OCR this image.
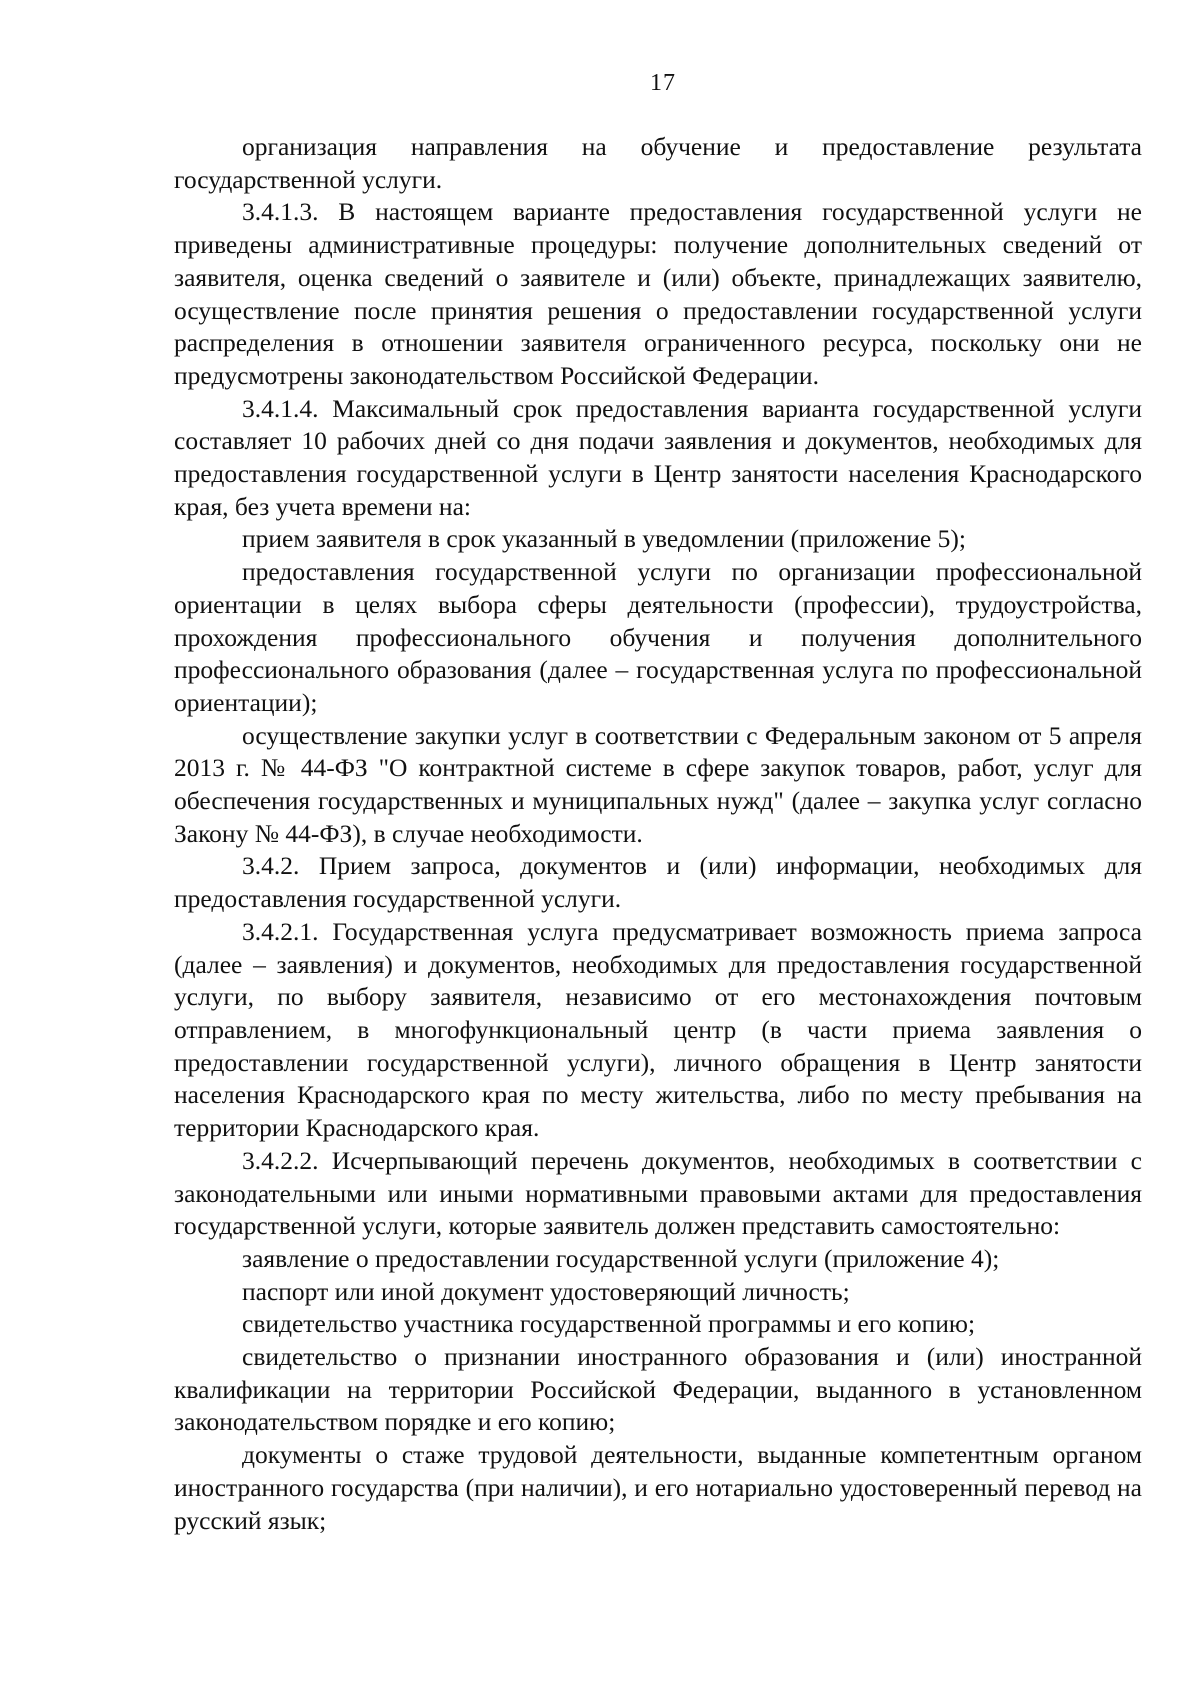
17

организация направления на обучение и предоставление результата государственной услуги.

3.4.1.3. В настоящем варианте предоставления государственной услуги не приведены административные процедуры: получение дополнительных сведений от заявителя, оценка сведений о заявителе и (или) объекте, принадлежащих заявителю, осуществление после принятия решения о предоставлении государственной услуги распределения в отношении заявителя ограниченного ресурса, поскольку они не предусмотрены законодательством Российской Федерации.

3.4.1.4. Максимальный срок предоставления варианта государственной услуги составляет 10 рабочих дней со дня подачи заявления и документов, необходимых для предоставления государственной услуги в Центр занятости населения Краснодарского края, без учета времени на:

прием заявителя в срок указанный в уведомлении (приложение 5);

предоставления государственной услуги по организации профессиональной ориентации в целях выбора сферы деятельности (профессии), трудоустройства, прохождения профессионального обучения и получения дополнительного профессионального образования (далее – государственная услуга по профессиональной ориентации);

осуществление закупки услуг в соответствии с Федеральным законом от 5 апреля 2013 г. № 44-ФЗ "О контрактной системе в сфере закупок товаров, работ, услуг для обеспечения государственных и муниципальных нужд" (далее – закупка услуг согласно Закону № 44-ФЗ), в случае необходимости.

3.4.2. Прием запроса, документов и (или) информации, необходимых для предоставления государственной услуги.

3.4.2.1. Государственная услуга предусматривает возможность приема запроса (далее – заявления) и документов, необходимых для предоставления государственной услуги, по выбору заявителя, независимо от его местонахождения почтовым отправлением, в многофункциональный центр (в части приема заявления о предоставлении государственной услуги), личного обращения в Центр занятости населения Краснодарского края по месту жительства, либо по месту пребывания на территории Краснодарского края.

3.4.2.2. Исчерпывающий перечень документов, необходимых в соответствии с законодательными или иными нормативными правовыми актами для предоставления государственной услуги, которые заявитель должен представить самостоятельно:

заявление о предоставлении государственной услуги (приложение 4);

паспорт или иной документ удостоверяющий личность;

свидетельство участника государственной программы и его копию;

свидетельство о признании иностранного образования и (или) иностранной квалификации на территории Российской Федерации, выданного в установленном законодательством порядке и его копию;

документы о стаже трудовой деятельности, выданные компетентным органом иностранного государства (при наличии), и его нотариально удостоверенный перевод на русский язык;
